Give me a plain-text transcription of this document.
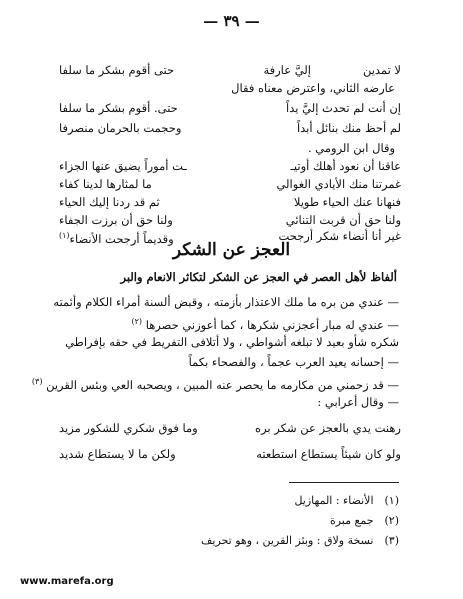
— ٣٩ —
لا تمدين
إليَّ عارفة
حتى أقوم بشكر ما سلفا
عارضه الثاني، واعترض معناه فقال
إن أنت لم تحدث إليَّ يداً
حتى. أقوم بشكر ما سلفا
لم أحظ منك بنائل أبداً
وحجمت بالحرمان منصرفا
وقال ابن الرومي .
عاقنا أن نعود أهلك أوتيـ
ـت أموراً يضيق عنها الجزاء
غمرتنا منك الأيادي الغوالي
ما لمثارها لدينا كفاء
فنهانا عنك الحياء طويلا
ثم قد ردنا إليك الحياء
ولنا حق أن قربت التنائي
ولنا حق أن برزت الجفاء
غير أنا أنضاء شكر أرجحت
وقديماً أرجحت الأنضاء$^{(١)}$
العجز عن الشكر
ألفاظ لأهل العصر في العجز عن الشكر لتكاثر الانعام والبر
— عندي من بره ما ملك الاعتذار بأزمته ، وقبض ألسنة أمراء الكلام وأئمته
— عندي له مبار أعجزني شكرها ، كما أعوزني حصرها $^{(٢)}$
شكره شأو بعيد لا تبلغه أشواطي ، ولا أتلافى التفريط في حقه بإفراطي
— إحسانه يعيد العرب عجماً ، والفصحاء بكماً
— قد زحمني من مكارمه ما يحصر عنه المبين ، ويصحبه العي وبئس القرين $^{(٣)}$
— وقال أعرابي :
رهنت يدي بالعجز عن شكر بره
وما فوق شكري للشكور مزيد
ولو كان شيئاً يستطاع استطعته
ولكن ما لا يستطاع شديد
(١) الأنضاء : المهازيل
(٢) جمع مبرة
(٣) نسخة ولاق : وبئز القرين ، وهو تحريف
www.marefa.org
